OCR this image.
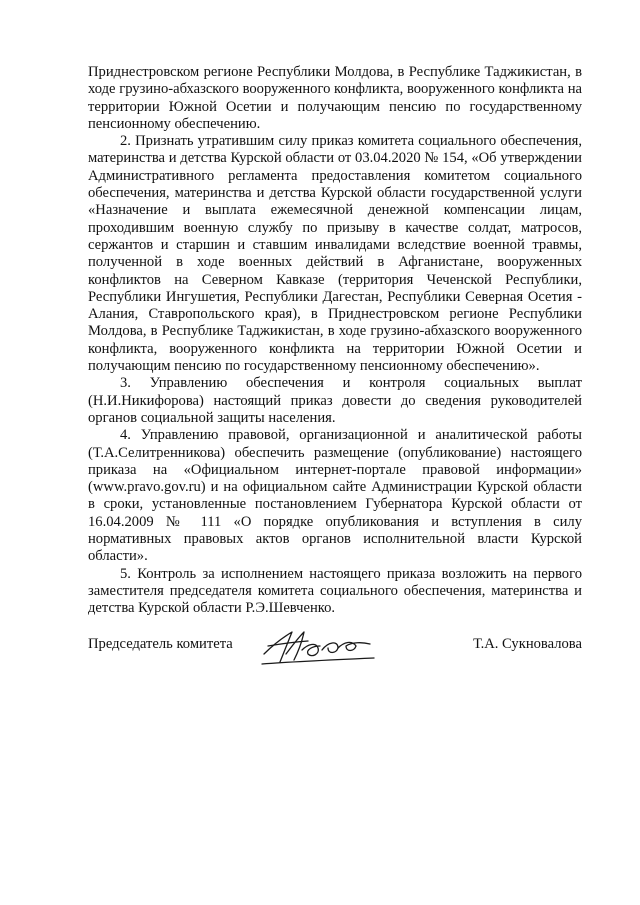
Приднестровском регионе Республики Молдова, в Республике Таджикистан, в ходе грузино-абхазского вооруженного конфликта, вооруженного конфликта на территории Южной Осетии и получающим пенсию по государственному пенсионному обеспечению.

2. Признать утратившим силу приказ комитета социального обеспечения, материнства и детства Курской области от 03.04.2020 № 154, «Об утверждении Административного регламента предоставления комитетом социального обеспечения, материнства и детства Курской области государственной услуги «Назначение и выплата ежемесячной денежной компенсации лицам, проходившим военную службу по призыву в качестве солдат, матросов, сержантов и старшин и ставшим инвалидами вследствие военной травмы, полученной в ходе военных действий в Афганистане, вооруженных конфликтов на Северном Кавказе (территория Чеченской Республики, Республики Ингушетия, Республики Дагестан, Республики Северная Осетия - Алания, Ставропольского края), в Приднестровском регионе Республики Молдова, в Республике Таджикистан, в ходе грузино-абхазского вооруженного конфликта, вооруженного конфликта на территории Южной Осетии и получающим пенсию по государственному пенсионному обеспечению».

3. Управлению обеспечения и контроля социальных выплат (Н.И.Никифорова) настоящий приказ довести до сведения руководителей органов социальной защиты населения.

4. Управлению правовой, организационной и аналитической работы (Т.А.Селитренникова) обеспечить размещение (опубликование) настоящего приказа на «Официальном интернет-портале правовой информации» (www.pravo.gov.ru) и на официальном сайте Администрации Курской области в сроки, установленные постановлением Губернатора Курской области от 16.04.2009 № 111 «О порядке опубликования и вступления в силу нормативных правовых актов органов исполнительной власти Курской области».

5. Контроль за исполнением настоящего приказа возложить на первого заместителя председателя комитета социального обеспечения, материнства и детства Курской области Р.Э.Шевченко.

Председатель комитета	Т.А. Сукновалова
